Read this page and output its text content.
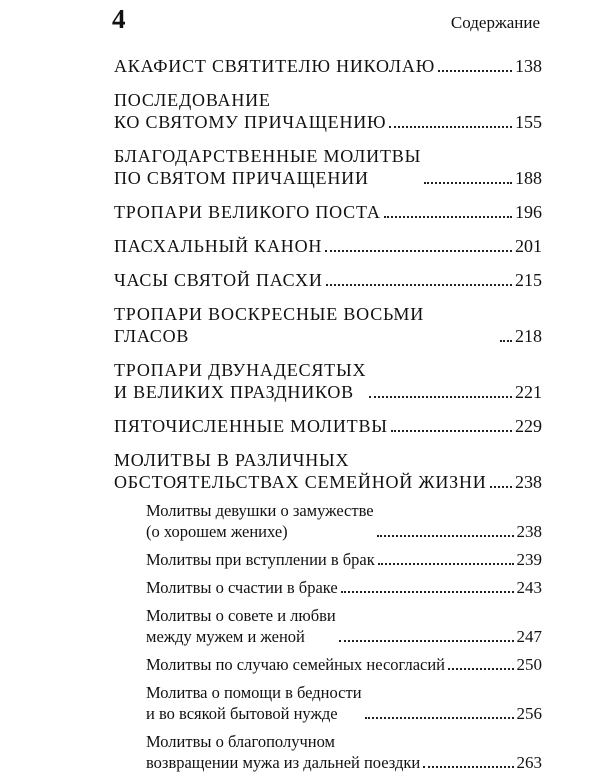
4	Содержание
АКАФИСТ СВЯТИТЕЛЮ НИКОЛАЮ	138
ПОСЛЕДОВАНИЕ
КО СВЯТОМУ ПРИЧАЩЕНИЮ	155
БЛАГОДАРСТВЕННЫЕ МОЛИТВЫ
ПО СВЯТОМ ПРИЧАЩЕНИИ	188
ТРОПАРИ ВЕЛИКОГО ПОСТА	196
ПАСХАЛЬНЫЙ КАНОН	201
ЧАСЫ СВЯТОЙ ПАСХИ	215
ТРОПАРИ ВОСКРЕСНЫЕ ВОСЬМИ ГЛАСОВ	218
ТРОПАРИ ДВУНАДЕСЯТЫХ
И ВЕЛИКИХ ПРАЗДНИКОВ	221
ПЯТОЧИСЛЕННЫЕ МОЛИТВЫ	229
МОЛИТВЫ В РАЗЛИЧНЫХ
ОБСТОЯТЕЛЬСТВАХ СЕМЕЙНОЙ ЖИЗНИ 238
Молитвы девушки о замужестве
(о хорошем женихе)	238
Молитвы при вступлении в брак	239
Молитвы о счастии в браке	243
Молитвы о совете и любви
между мужем и женой	247
Молитвы по случаю семейных несогласий	250
Молитва о помощи в бедности
и во всякой бытовой нужде	256
Молитвы о благополучном
возвращении мужа из дальней поездки	263
